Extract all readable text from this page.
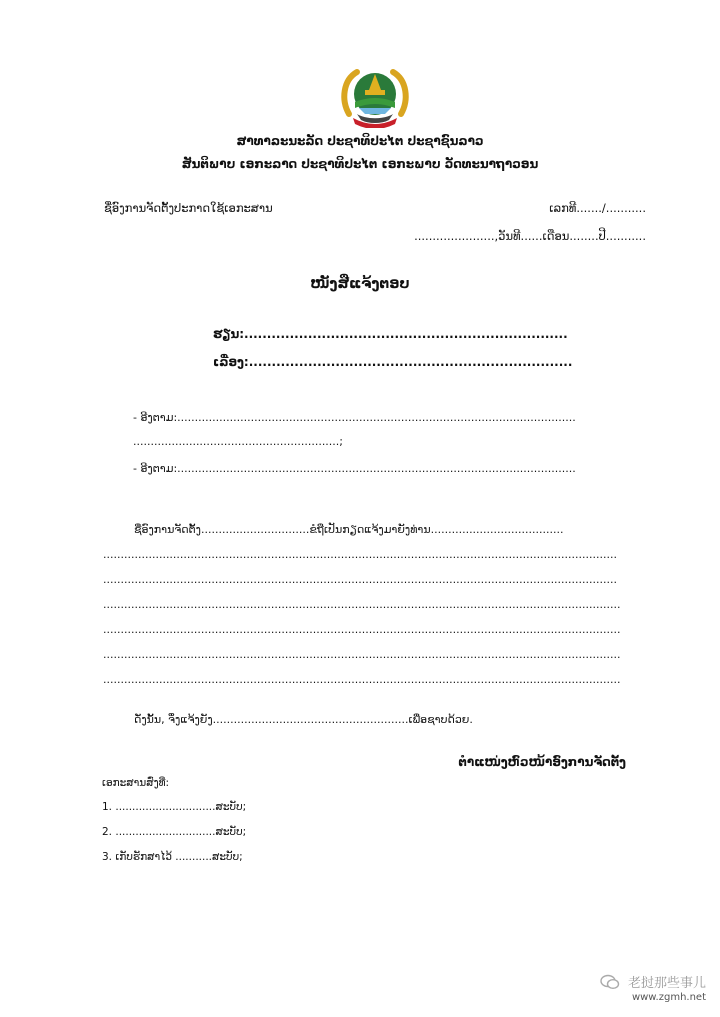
ສາທາລະນະລັດ ປະຊາທິປະໄຕ ປະຊາຊົນລາວ
ສັນຕິພາບ ເອກະລາດ ປະຊາທິປະໄຕ ເອກະພາບ ວັດທະນາຖາວອນ
ຊື່ອົງການຈັດຕັ້ງປະກາດໃຊ້ເອກະສານ	ເລກທີ......./...........
......................,ວັນທີ......ເດືອນ........ປີ...........
ໜັງສືແຈ້ງຕອບ
ຮຽນ:.......................................................................
ເລື່ອງ:.......................................................................
- ອີງຕາມ:..................................................................................................................
...........................................................;
- ອີງຕາມ:..................................................................................................................
ຊື່ອົງການຈັດຕັ້ງ...............................ຂໍຖືເປັນກຽດແຈ້ງມາຍັງທ່ານ......................................
...................................................................................................................................................
...................................................................................................................................................
....................................................................................................................................................
....................................................................................................................................................
....................................................................................................................................................
....................................................................................................................................................
ດັ່ງນັ້ນ, ຈຶ່ງແຈ້ງຍັງ........................................................ເພື່ອຊາບດ້ວຍ.
ຕໍາແໜ່ງຫົວໜ້າອົງການຈັດຕັ້ງ
ເອກະສານສົ່ງທີ່:
1. ..............................ສະບັບ;
2. ..............................ສະບັບ;
3. ເກັບຮັກສາໄວ້ ...........ສະບັບ;
老挝那些事儿
www.zgmh.net
